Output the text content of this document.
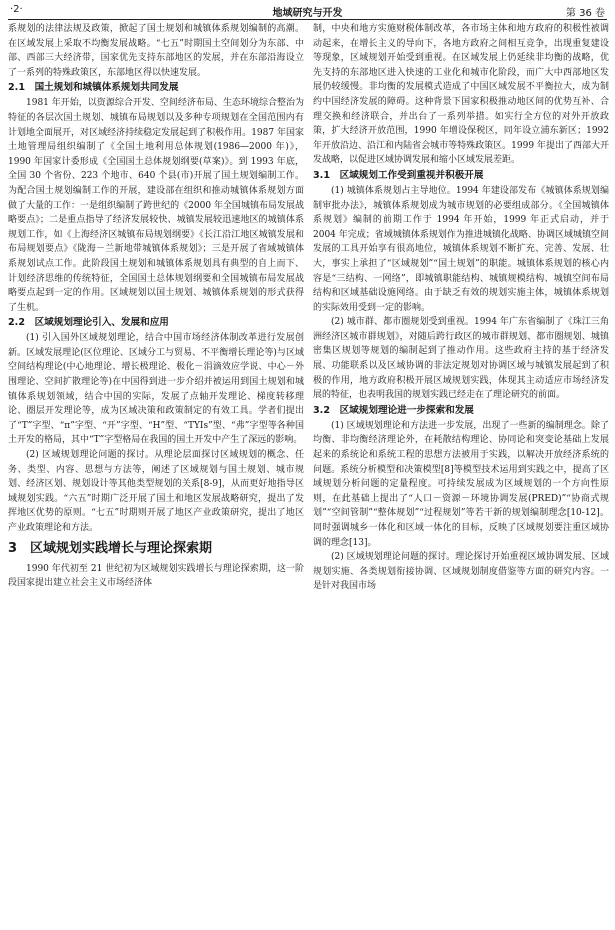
·2·	地域研究与开发	第 36 卷

系规划的法律法规及政策，掀起了国土规划和城镇体系规划编制的高潮。在区域发展上采取不均衡发展战略。“七五”时期国土空间划分为东部、中部、西部三大经济带，国家优先支持东部地区的发展，并在东部沿海设立了一系列的特殊政策区，东部地区得以快速发展。

2.1　国土规划和城镇体系规划共同发展

1981 年开始，以资源综合开发、空间经济布局、生态环境综合整治为特征的各层次国土规划、城镇布局规划以及多种专项规划在全国范围内有计划地全面展开，对区域经济持续稳定发展起到了积极作用。1987 年国家土地管理局组织编制了《全国土地利用总体规划(1986—2000 年)》，1990 年国家计委形成《全国国土总体规划纲要(草案)》。到 1993 年底，全国 30 个省份、223 个地市、640 个县(市)开展了国土规划编制工作。为配合国土规划编制工作的开展，建设部在组织和推动城镇体系规划方面做了大量的工作：一是组织编制了跨世纪的《2000 年全国城镇布局发展战略要点》；二是重点指导了经济发展较快、城镇发展较迅速地区的城镇体系规划工作，如《上海经济区城镇布局规划纲要》《长江沿江地区城镇发展和布局规划要点》《陇海－兰新地带城镇体系规划》；三是开展了省域城镇体系规划试点工作。此阶段国土规划和城镇体系规划具有典型的自上而下、计划经济思维的传统特征，全国国土总体规划纲要和全国城镇布局发展战略要点起到一定的作用。区域规划以国土规划、城镇体系规划的形式获得了生机。

2.2　区域规划理论引入、发展和应用

(1) 引入国外区域规划理论，结合中国市场经济体制改革进行发展创新。区域发展理论(区位理论、区域分工与贸易、不平衡增长理论等)与区域空间结构理论(中心地理论、增长极理论、极化－涓滴效应学说、中心－外围理论、空间扩散理论等)在中国得到进一步介绍并被运用到国土规划和城镇体系规划领域，结合中国的实际，发展了点轴开发理论、梯度转移理论、圈层开发理论等，成为区域决策和政策制定的有效工具。学者们提出了“T”字型、“π”字型、“开”字型、“H”型、“TYIs”型、“弗”字型等各种国土开发的格局，其中“T”字型格局在我国的国土开发中产生了深远的影响。

(2) 区域规划理论问题的探讨。从理论层面探讨区域规划的概念、任务、类型、内容、思想与方法等，阐述了区域规划与国土规划、城市规划、经济区划、规划设计等其他类型规划的关系[8-9]，从而更好地指导区域规划实践。“六五”时期广泛开展了国土和地区发展战略研究，提出了发挥地区优势的原则。“七五”时期则开展了地区产业政策研究，提出了地区产业政策理论和方法。

3　区域规划实践增长与理论探索期

1990 年代初至 21 世纪初为区域规划实践增长与理论探索期，这一阶段国家提出建立社会主义市场经济体

制，中央和地方实施财税体制改革，各市场主体和地方政府的积极性被调动起来，在增长主义的导向下，各地方政府之间相互竞争，出现重复建设等现象，区域规划开始受到重视。在区域发展上仍延续非均衡的战略，优先支持的东部地区进入快速的工业化和城市化阶段，而广大中西部地区发展仍较缓慢。非均衡的发展模式造成了中国区域发展不平衡拉大，成为制约中国经济发展的障碍。这种背景下国家积极推动地区间的优势互补、合理交换和经济联合，并出台了一系列举措。如实行全方位的对外开放政策，扩大经济开放范围，1990 年增设保税区，同年设立浦东新区；1992 年开放沿边、沿江和内陆省会城市等特殊政策区。1999 年提出了西部大开发战略，以促进区域协调发展和缩小区域发展差距。

3.1　区域规划工作受到重视并积极开展

(1) 城镇体系规划占主导地位。1994 年建设部发布《城镇体系规划编制审批办法》，城镇体系规划成为城市规划的必要组成部分。《全国城镇体系规划》编制的前期工作于 1994 年开始，1999 年正式启动，并于 2004 年完成；省域城镇体系规划作为推进城镇化战略、协调区域城镇空间发展的工具开始享有很高地位，城镇体系规划不断扩充、完善、发展、壮大，事实上承担了“区域规划”“国土规划”的职能。城镇体系规划的核心内容是“三结构、一网络”，即城镇职能结构、城镇规模结构、城镇空间布局结构和区域基础设施网络。由于缺乏有效的规划实施主体，城镇体系规划的实际效用受到一定的影响。

(2) 城市群、都市圈规划受到重视。1994 年广东省编制了《珠江三角洲经济区城市群规划》，对随后跨行政区的城市群规划、都市圈规划、城镇密集区规划等规划的编制起到了推动作用。这些政府主持的基于经济发展、功能联系以及区域协调的非法定规划对协调区域与城镇发展起到了积极的作用，地方政府积极开展区域规划实践，体现其主动适应市场经济发展的特征，也表明我国的规划实践已经走在了理论研究的前面。

3.2　区域规划理论进一步探索和发展

(1) 区域规划理论和方法进一步发展，出现了一些新的编制理念。除了均衡、非均衡经济理论外，在耗散结构理论、协同论和突变论基础上发展起来的系统论和系统工程的思想方法被用于实践，以解决开放经济系统的问题。系统分析模型和决策模型[8]等模型技术运用到实践之中，提高了区域规划分析问题的定量程度。可持续发展成为区域规划的一个方向性原则，在此基础上提出了“人口－资源－环境协调发展(PRED)”“协商式规划”“空间管制”“整体规划”“过程规划”等若干新的规划编制理念[10-12]。同时强调城乡一体化和区域一体化的目标，反映了区域规划要注重区域协调的理念[13]。

(2) 区域规划理论问题的探讨。理论探讨开始重视区域协调发展、区域规划实施、各类规划衔接协调、区域规划制度借鉴等方面的研究内容。一是针对我国市场
